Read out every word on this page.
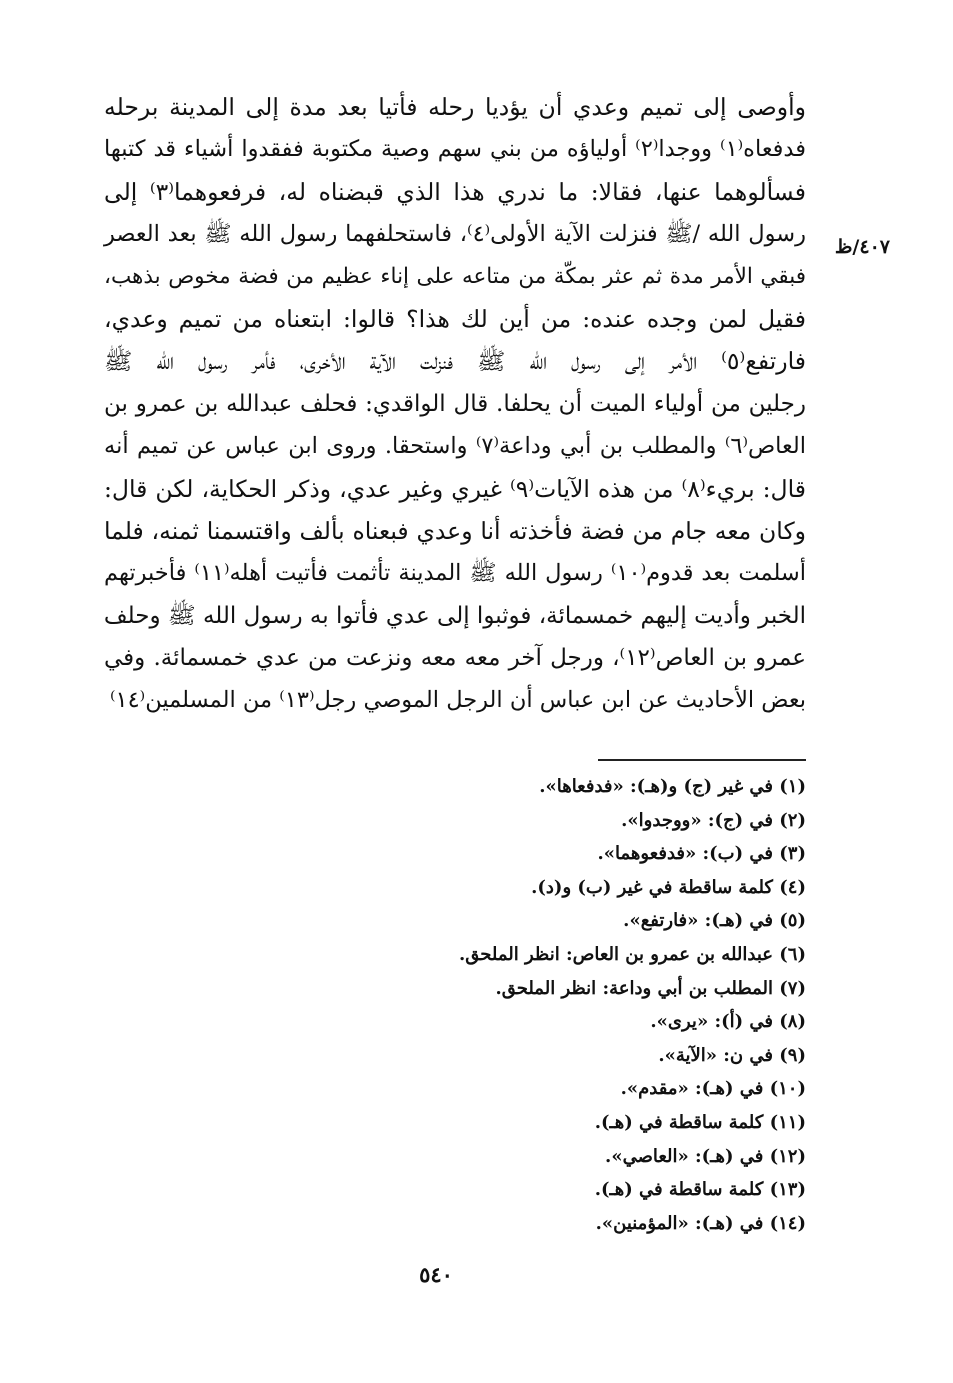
٤٠٧/ظ
وأوصى إلى تميم وعدي أن يؤديا رحله فأتيا بعد مدة إلى المدينة برحله
فدفعاه⁽١⁾ ووجدا⁽٢⁾ أولياؤه من بني سهم وصية مكتوبة ففقدوا أشياء قد كتبها
فسألوهما عنها، فقالا: ما ندري هذا الذي قبضناه له، فرفعوهما⁽٣⁾ إلى
رسول الله /ﷺ فنزلت الآية الأولى⁽٤⁾، فاستحلفهما رسول الله ﷺ بعد العصر
فبقي الأمر مدة ثم عثر بمكّة من متاعه على إناء عظيم من فضة مخوص بذهب،
فقيل لمن وجده عنده: من أين لك هذا؟ قالوا: ابتعناه من تميم وعدي،
فارتفع⁽٥⁾ الأمر إلى رسول الله ﷺ فنزلت الآية الأخرى، فأمر رسول الله ﷺ
رجلين من أولياء الميت أن يحلفا. قال الواقدي: فحلف عبدالله بن عمرو بن
العاص⁽٦⁾ والمطلب بن أبي وداعة⁽٧⁾ واستحقا. وروى ابن عباس عن تميم أنه
قال: بريء⁽٨⁾ من هذه الآيات⁽٩⁾ غيري وغير عدي، وذكر الحكاية، لكن قال:
وكان معه جام من فضة فأخذته أنا وعدي فبعناه بألف واقتسمنا ثمنه، فلما
أسلمت بعد قدوم⁽١٠⁾ رسول الله ﷺ المدينة تأثمت فأتيت أهله⁽١١⁾ فأخبرتهم
الخبر وأديت إليهم خمسمائة، فوثبوا إلى عدي فأتوا به رسول الله ﷺ وحلف
عمرو بن العاص⁽١٢⁾، ورجل آخر معه معه ونزعت من عدي خمسمائة. وفي
بعض الأحاديث عن ابن عباس أن الرجل الموصي رجل⁽١٣⁾ من المسلمين⁽١٤⁾
(١) في غير (ج) و(هـ): «فدفعاها».
(٢) في (ج): «ووجدوا».
(٣) في (ب): «فدفعوهما».
(٤) كلمة ساقطة في غير (ب) و(د).
(٥) في (هـ): «فارتفع».
(٦) عبدالله بن عمرو بن العاص: انظر الملحق.
(٧) المطلب بن أبي وداعة: انظر الملحق.
(٨) في (أ): «يرى».
(٩) في ن: «الآية».
(١٠) في (هـ): «مقدم».
(١١) كلمة ساقطة في (هـ).
(١٢) في (هـ): «العاصي».
(١٣) كلمة ساقطة في (هـ).
(١٤) في (هـ): «المؤمنين».
٥٤٠
